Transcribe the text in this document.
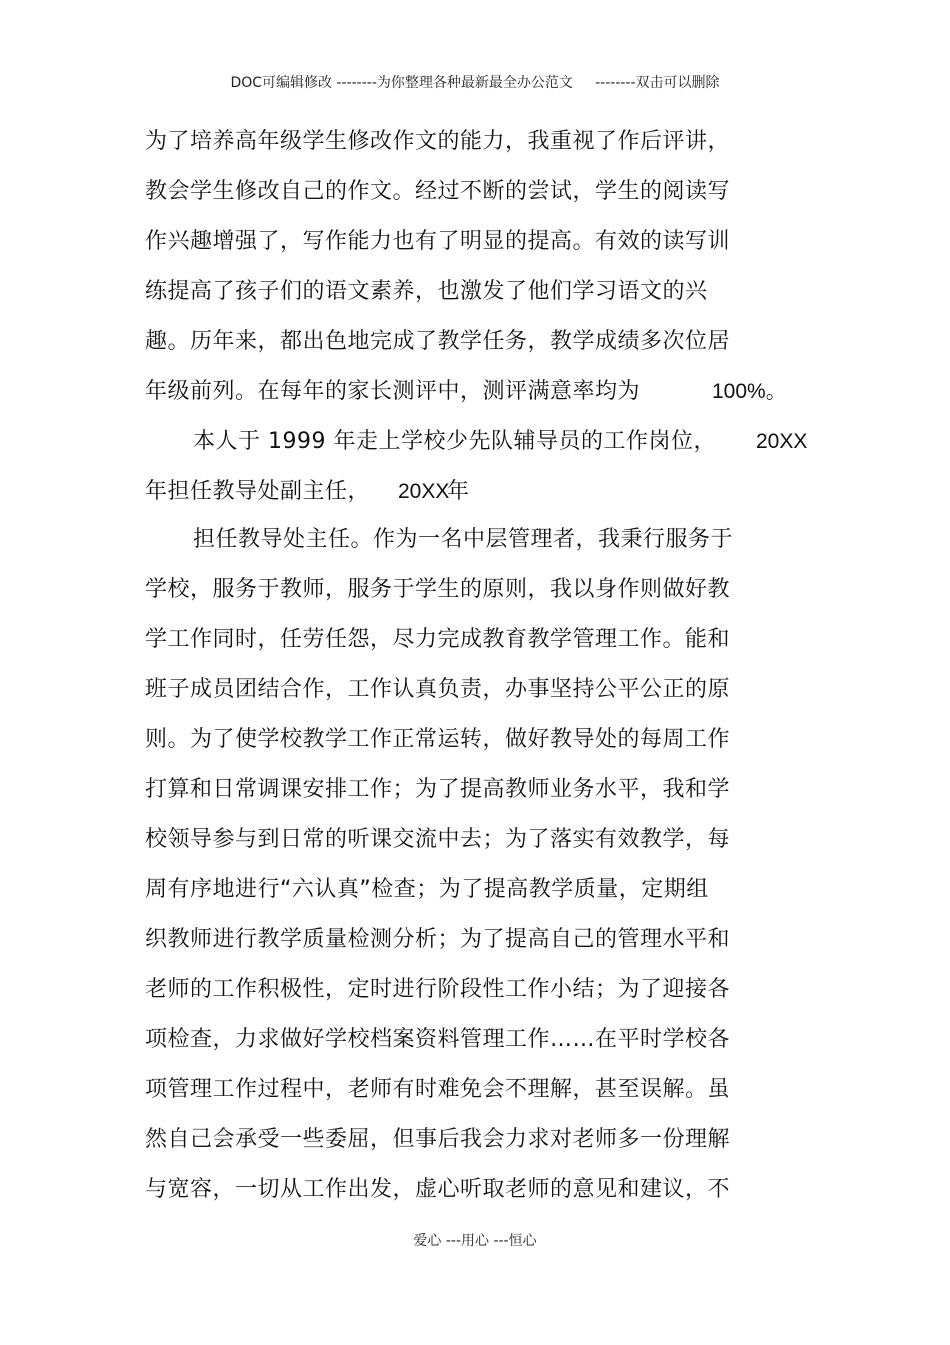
DOC可编辑修改 --------为你整理各种最新最全办公范文     --------双击可以删除
为了培养高年级学生修改作文的能力，我重视了作后评讲，
教会学生修改自己的作文。经过不断的尝试，学生的阅读写
作兴趣增强了，写作能力也有了明显的提高。有效的读写训
练提高了孩子们的语文素养，也激发了他们学习语文的兴
趣。历年来，都出色地完成了教学任务，教学成绩多次位居
年级前列。在每年的家长测评中，测评满意率均为	100%。
本人于 1999 年走上学校少先队辅导员的工作岗位， 20XX
年担任教导处副主任， 20XX
年
担任教导处主任。作为一名中层管理者，我秉行服务于
学校，服务于教师，服务于学生的原则，我以身作则做好教
学工作同时，任劳任怨，尽力完成教育教学管理工作。能和
班子成员团结合作，工作认真负责，办事坚持公平公正的原
则。为了使学校教学工作正常运转，做好教导处的每周工作
打算和日常调课安排工作；为了提高教师业务水平，我和学
校领导参与到日常的听课交流中去；为了落实有效教学，每
周有序地进行“六认真”检查；为了提高教学质量，定期组
织教师进行教学质量检测分析；为了提高自己的管理水平和
老师的工作积极性，定时进行阶段性工作小结；为了迎接各
项检查，力求做好学校档案资料管理工作……在平时学校各
项管理工作过程中，老师有时难免会不理解，甚至误解。虽
然自己会承受一些委屈，但事后我会力求对老师多一份理解
与宽容，一切从工作出发，虚心听取老师的意见和建议，不
爱心 ---用心 ---恒心
